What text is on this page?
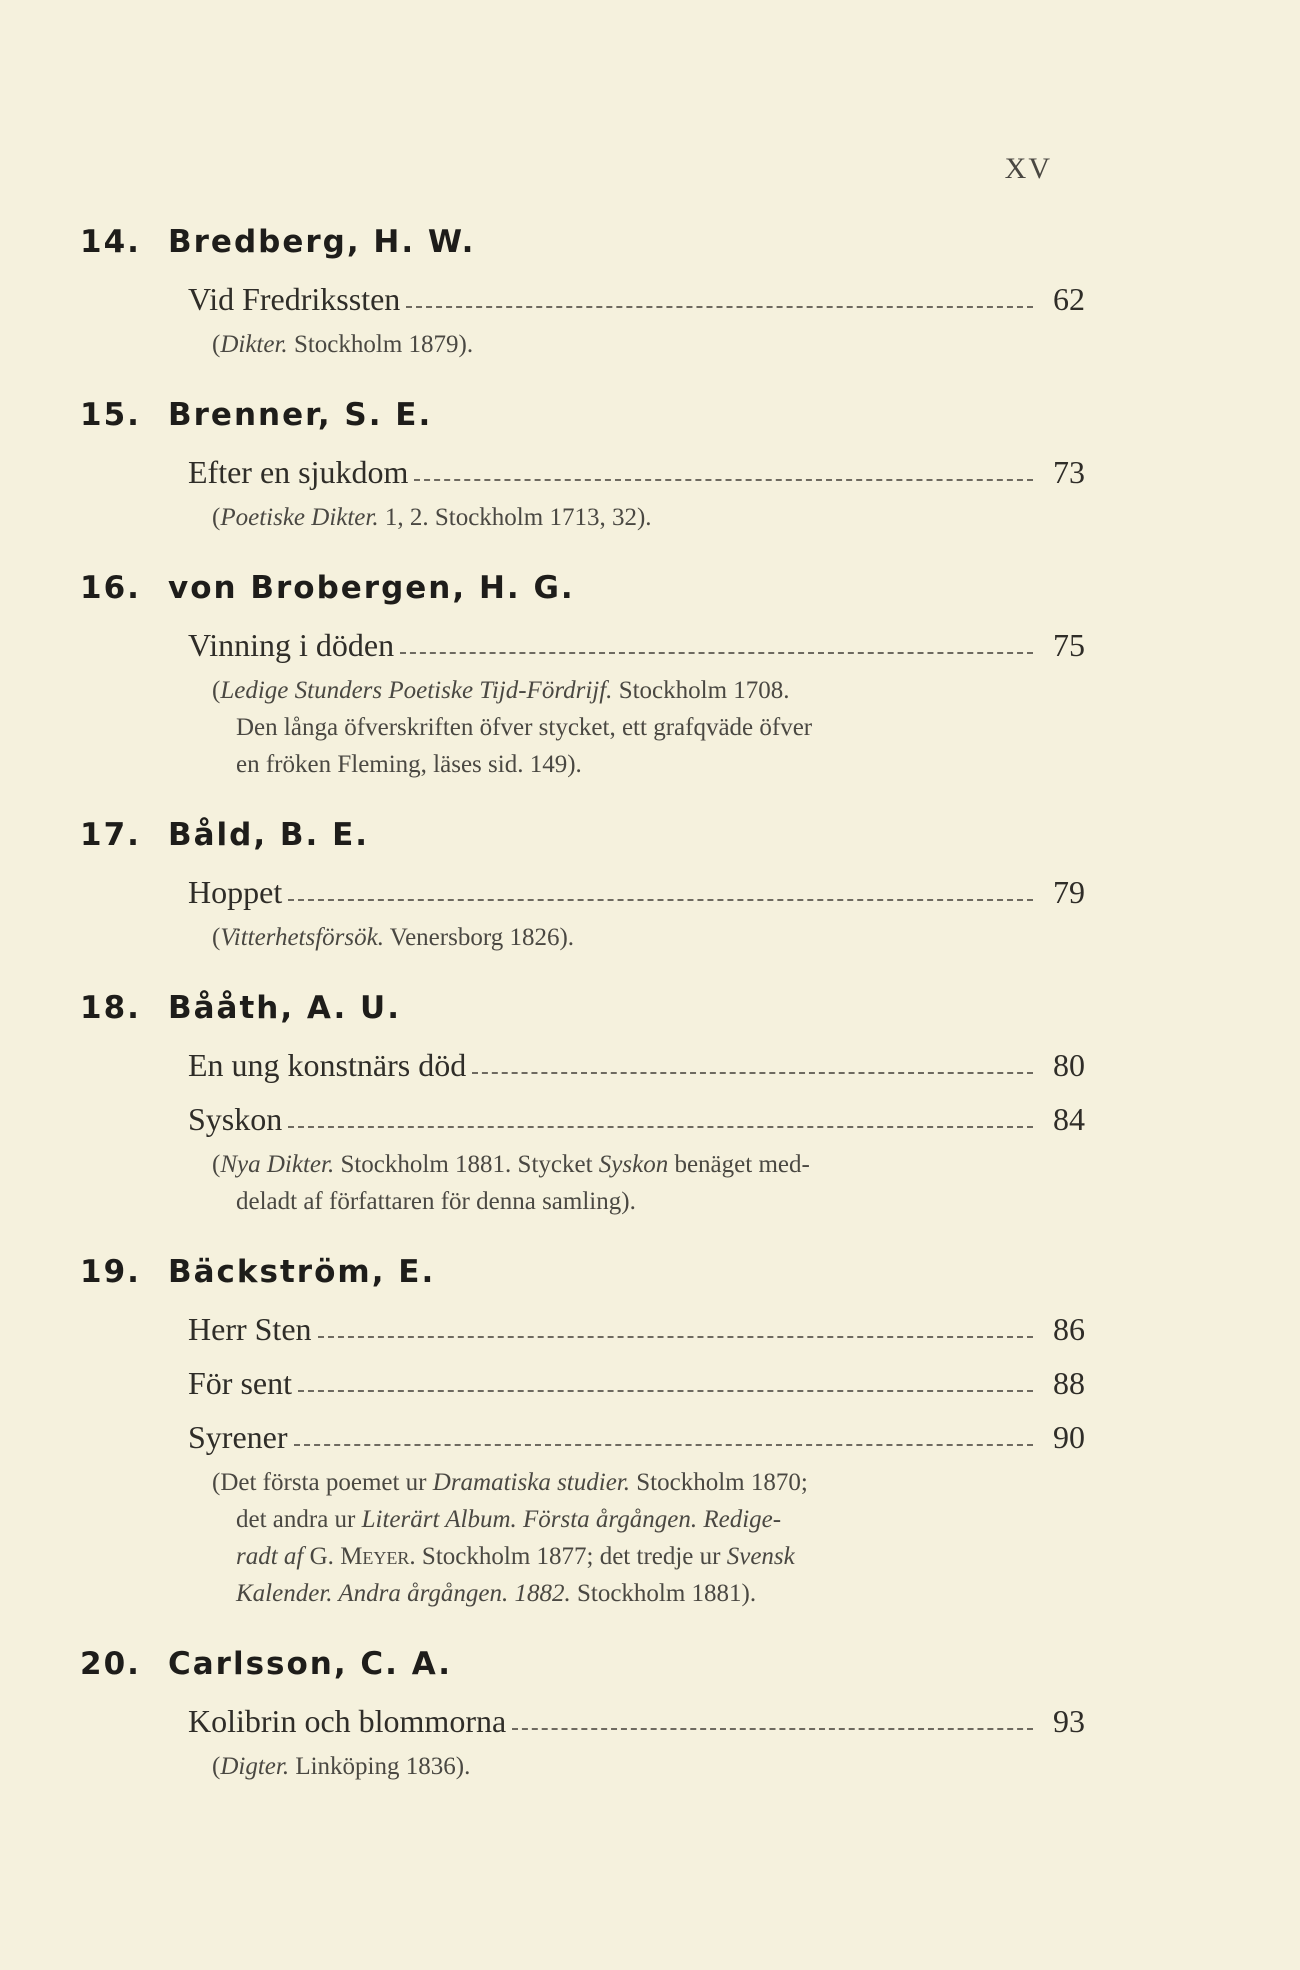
XV
14. Bredberg, H. W.
Vid Fredrikssten	62
(Dikter. Stockholm 1879).
15. Brenner, S. E.
Efter en sjukdom	73
(Poetiske Dikter. 1, 2. Stockholm 1713, 32).
16. von Brobergen, H. G.
Vinning i döden	75
(Ledige Stunders Poetiske Tijd-Fördrijf. Stockholm 1708.
Den långa öfverskriften öfver stycket, ett grafqväde öfver
en fröken Fleming, läses sid. 149).
17. Båld, B. E.
Hoppet	79
(Vitterhetsförsök. Venersborg 1826).
18. Bååth, A. U.
En ung konstnärs död	80
Syskon	84
(Nya Dikter. Stockholm 1881. Stycket Syskon benäget med-
deladt af författaren för denna samling).
19. Bäckström, E.
Herr Sten	86
För sent	88
Syrener	90
(Det första poemet ur Dramatiska studier. Stockholm 1870;
det andra ur Literärt Album. Första årgången. Redige-
radt af G. Meyer. Stockholm 1877; det tredje ur Svensk
Kalender. Andra årgången. 1882. Stockholm 1881).
20. Carlsson, C. A.
Kolibrin och blommorna	93
(Digter. Linköping 1836).
